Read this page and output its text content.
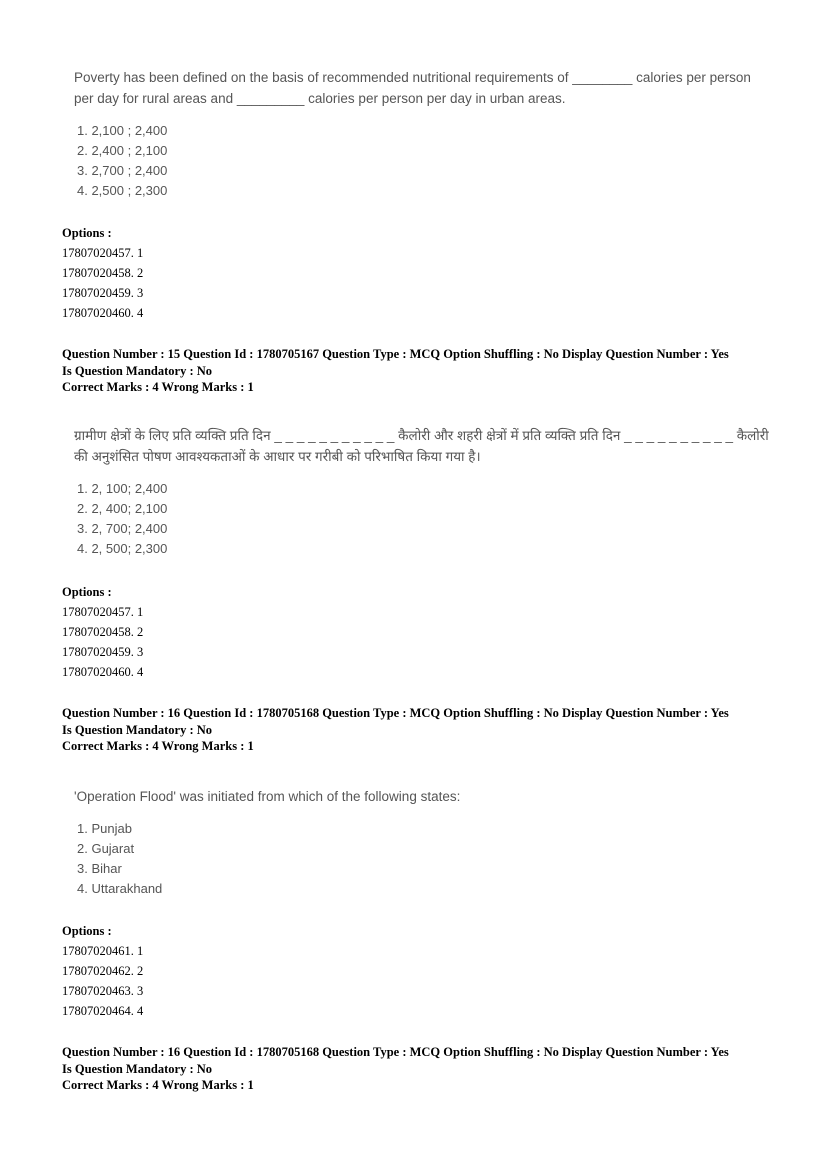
Poverty has been defined on the basis of recommended nutritional requirements of ________ calories per person per day for rural areas and _________ calories per person per day in urban areas.

1. 2,100 ; 2,400
2. 2,400 ; 2,100
3. 2,700 ; 2,400
4. 2,500 ; 2,300
Options :
17807020457. 1
17807020458. 2
17807020459. 3
17807020460. 4
Question Number : 15 Question Id : 1780705167 Question Type : MCQ Option Shuffling : No Display Question Number : Yes
Is Question Mandatory : No
Correct Marks : 4 Wrong Marks : 1

ग्रामीण क्षेत्रों के लिए प्रति व्यक्ति प्रति दिन _ _ _ _ _ _ _ _ _ _ _ कैलोरी और शहरी क्षेत्रों में प्रति व्यक्ति प्रति दिन _ _ _ _ _ _ _ _ _ _ कैलोरी की अनुशंसित पोषण आवश्यकताओं के आधार पर गरीबी को परिभाषित किया गया है।

1. 2, 100; 2,400
2. 2, 400; 2,100
3. 2, 700; 2,400
4. 2, 500; 2,300
Options :
17807020457. 1
17807020458. 2
17807020459. 3
17807020460. 4
Question Number : 16 Question Id : 1780705168 Question Type : MCQ Option Shuffling : No Display Question Number : Yes
Is Question Mandatory : No
Correct Marks : 4 Wrong Marks : 1

'Operation Flood' was initiated from which of the following states:

1. Punjab
2. Gujarat
3. Bihar
4. Uttarakhand
Options :
17807020461. 1
17807020462. 2
17807020463. 3
17807020464. 4
Question Number : 16 Question Id : 1780705168 Question Type : MCQ Option Shuffling : No Display Question Number : Yes
Is Question Mandatory : No
Correct Marks : 4 Wrong Marks : 1
